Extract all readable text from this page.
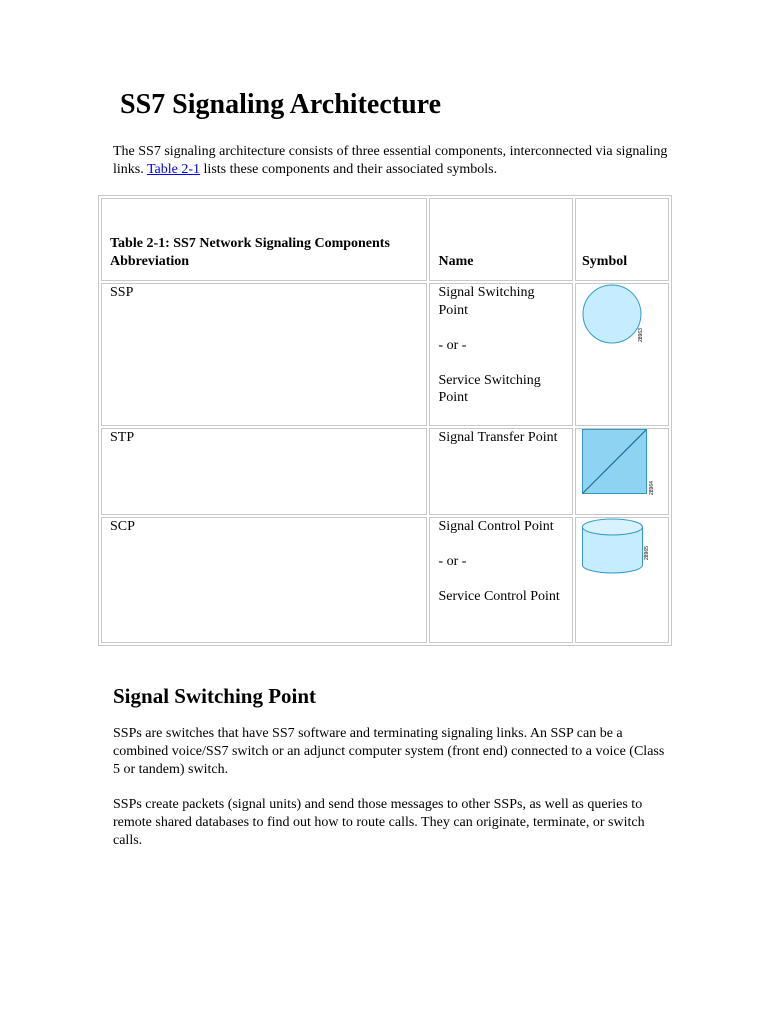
SS7 Signaling Architecture

The SS7 signaling architecture consists of three essential components, interconnected via signaling links. Table 2-1 lists these components and their associated symbols.

Table 2-1: SS7 Network Signaling Components
Abbreviation	Name	Symbol
SSP	Signal Switching Point
- or -
Service Switching Point	28963

STP	Signal Transfer Point	28964

SCP	Signal Control Point
- or -
Service Control Point	28965
Signal Switching Point

SSPs are switches that have SS7 software and terminating signaling links. An SSP can be a combined voice/SS7 switch or an adjunct computer system (front end) connected to a voice (Class 5 or tandem) switch.

SSPs create packets (signal units) and send those messages to other SSPs, as well as queries to remote shared databases to find out how to route calls. They can originate, terminate, or switch calls.
